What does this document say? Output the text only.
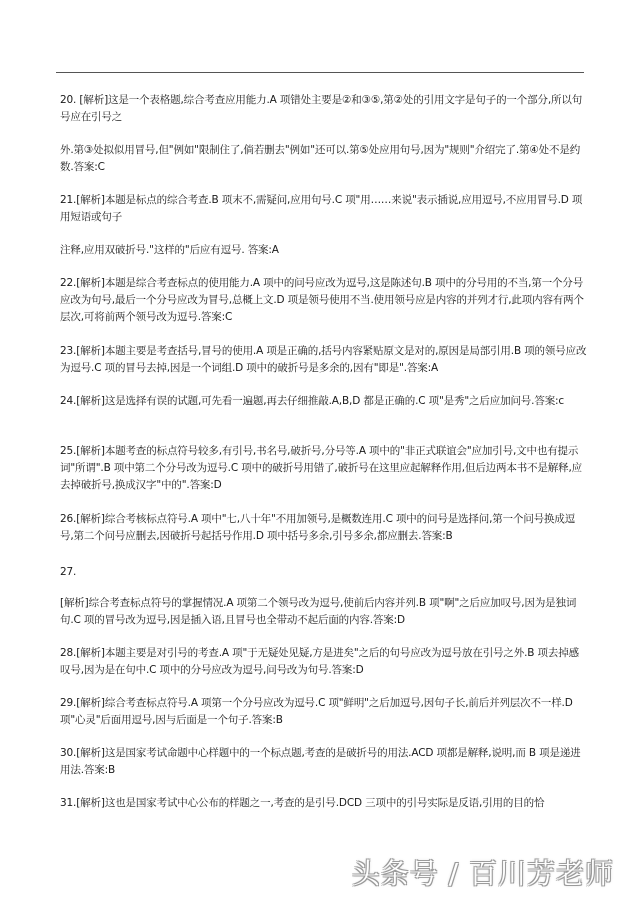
20. [解析]这是一个表格题,综合考查应用能力.A 项错处主要是②和③⑤,第②处的引用文字是句子的一个部分,所以句号应在引号之
外.第③处拟似用冒号,但"例如"限制住了,倘若删去"例如"还可以.第⑤处应用句号,因为"规则"介绍完了.第④处不是约数.答案:C
21.[解析]本题是标点的综合考查.B 项末不,需疑问,应用句号.C 项"用……来说"表示插说,应用逗号,不应用冒号.D 项用短语或句子
注释,应用双破折号."这样的"后应有逗号. 答案:A
22.[解析]本题是综合考查标点的使用能力.A 项中的问号应改为逗号,这是陈述句.B 项中的分号用的不当,第一个分号应改为句号,最后一个分号应改为冒号,总概上文.D 项是领号使用不当.使用领号应是内容的并列才行,此项内容有两个层次,可将前两个领号改为逗号.答案:C
23.[解析]本题主要是考查括号,冒号的使用.A 项是正确的,括号内容紧贴原文是对的,原因是局部引用.B 项的领号应改为逗号.C 项的冒号去掉,因是一个词组.D 项中的破折号是多余的,因有"即是".答案:A
24.[解析]这是选择有误的试题,可先看一遍题,再去仔细推敲.A,B,D 都是正确的.C 项"是秀"之后应加问号.答案:c
25.[解析]本题考查的标点符号较多,有引号,书名号,破折号,分号等.A 项中的"非正式联谊会"应加引号,文中也有提示词"所谓".B 项中第二个分号改为逗号.C 项中的破折号用错了,破折号在这里应起解释作用,但后边两本书不是解释,应去掉破折号,换成汉字"中的".答案:D
26.[解析]综合考核标点符号.A 项中"七,八十年"不用加领号,是概数连用.C 项中的问号是选择问,第一个问号换成逗号,第二个问号应删去,因破折号起括号作用.D 项中括号多余,引号多余,都应删去.答案:B
27.
[解析]综合考查标点符号的掌握情况.A 项第二个领号改为逗号,使前后内容并列.B 项"啊"之后应加叹号,因为是独词句.C 项的冒号改为逗号,因是插入语,且冒号也全带动不起后面的内容.答案:D
28.[解析]本题主要是对引号的考查.A 项"于无疑处见疑,方是进矣"之后的句号应改为逗号放在引号之外.B 项去掉感叹号,因为是在句中.C 项中的分号应改为逗号,问号改为句号.答案:D
29.[解析]综合考查标点符号.A 项第一个分号应改为逗号.C 项"鲜明"之后加逗号,因句子长,前后并列层次不一样.D 项"心灵"后面用逗号,因与后面是一个句子.答案:B
30.[解析]这是国家考试命题中心样题中的一个标点题,考查的是破折号的用法.ACD 项都是解释,说明,而 B 项是递进用法.答案:B
31.[解析]这也是国家考试中心公布的样题之一,考查的是引号.DCD 三项中的引号实际是反语,引用的目的恰
头条号 / 百川芳老师
